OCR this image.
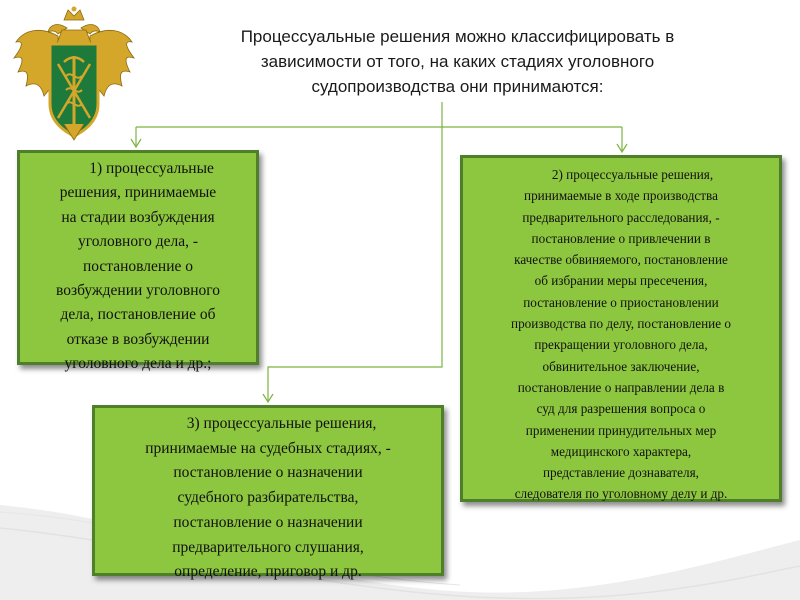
Процессуальные решения можно классифицировать в
зависимости от того, на каких стадиях уголовного
судопроизводства они принимаются:

1) процессуальные

решения, принимаемые

на стадии возбуждения

уголовного дела, -

постановление о

возбуждении уголовного

дела, постановление об

отказе в возбуждении

уголовного дела и др.;

2) процессуальные решения,

принимаемые в ходе производства

предварительного расследования, -

постановление о привлечении в

качестве обвиняемого, постановление

об избрании меры пресечения,

постановление о приостановлении

производства по делу, постановление о

прекращении уголовного дела,

обвинительное заключение,

постановление о направлении дела в

суд для разрешения вопроса о

применении принудительных мер

медицинского характера,

представление дознавателя,

следователя по уголовному делу и др.

3) процессуальные решения,

принимаемые на судебных стадиях, -

постановление о назначении

судебного разбирательства,

постановление о назначении

предварительного слушания,

определение, приговор и др.
